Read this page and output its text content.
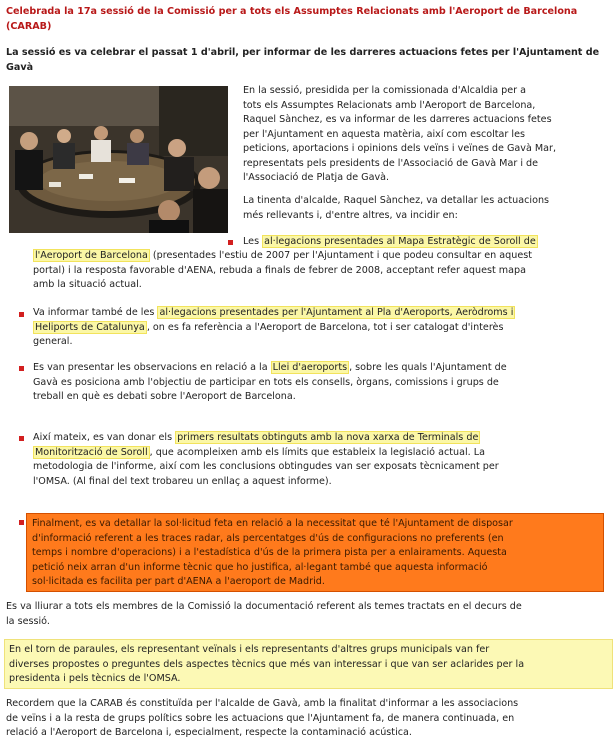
Celebrada la 17a sessió de la Comissió per a tots els Assumptes Relacionats amb l'Aeroport de Barcelona (CARAB)
La sessió es va celebrar el passat 1 d'abril, per informar de les darreres actuacions fetes per l'Ajuntament de Gavà
En la sessió, presidida per la comissionada d'Alcaldia per a
tots els Assumptes Relacionats amb l'Aeroport de Barcelona,
Raquel Sànchez, es va informar de les darreres actuacions fetes
per l'Ajuntament en aquesta matèria, així com escoltar les
peticions, aportacions i opinions dels veïns i veïnes de Gavà Mar,
representats pels presidents de l'Associació de Gavà Mar i de
l'Associació de Platja de Gavà.
La tinenta d'alcalde, Raquel Sànchez, va detallar les actuacions
més rellevants i, d'entre altres, va incidir en:
Les al·legacions presentades al Mapa Estratègic de Soroll de
l'Aeroport de Barcelona (presentades l'estiu de 2007 per l'Ajuntament i que podeu consultar en aquest
portal) i la resposta favorable d'AENA, rebuda a finals de febrer de 2008, acceptant refer aquest mapa
amb la situació actual.
Va informar també de les al·legacions presentades per l'Ajuntament al Pla d'Aeroports, Aeròdroms i
Heliports de Catalunya , on es fa referència a l'Aeroport de Barcelona, tot i ser catalogat d'interès
general.
Es van presentar les observacions en relació a la Llei d'aeroports , sobre les quals l'Ajuntament de
Gavà es posiciona amb l'objectiu de participar en tots els consells, òrgans, comissions i grups de
treball en què es debati sobre l'Aeroport de Barcelona.
Així mateix, es van donar els primers resultats obtinguts amb la nova xarxa de Terminals de
Monitorització de Soroll , que acompleixen amb els límits que estableix la legislació actual. La
metodologia de l'informe, així com les conclusions obtingudes van ser exposats tècnicament per
l'OMSA. (Al final del text trobareu un enllaç a aquest informe).
Finalment, es va detallar la sol·licitud feta en relació a la necessitat que té l'Ajuntament de disposar
d'informació referent a les traces radar, als percentatges d'ús de configuracions no preferents (en
temps i nombre d'operacions) i a l'estadística d'ús de la primera pista per a enlairaments. Aquesta
petició neix arran d'un informe tècnic que ho justifica, al·legant també que aquesta informació
sol·licitada es facilita per part d'AENA a l'aeroport de Madrid.
Es va lliurar a tots els membres de la Comissió la documentació referent als temes tractats en el decurs de
la sessió.
En el torn de paraules, els representant veïnals i els representants d'altres grups municipals van fer
diverses propostes o preguntes dels aspectes tècnics que més van interessar i que van ser aclarides per la
presidenta i pels tècnics de l'OMSA.
Recordem que la CARAB és constituïda per l'alcalde de Gavà, amb la finalitat d'informar a les associacions
de veïns i a la resta de grups polítics sobre les actuacions que l'Ajuntament fa, de manera continuada, en
relació a l'Aeroport de Barcelona i, especialment, respecte la contaminació acústica.
